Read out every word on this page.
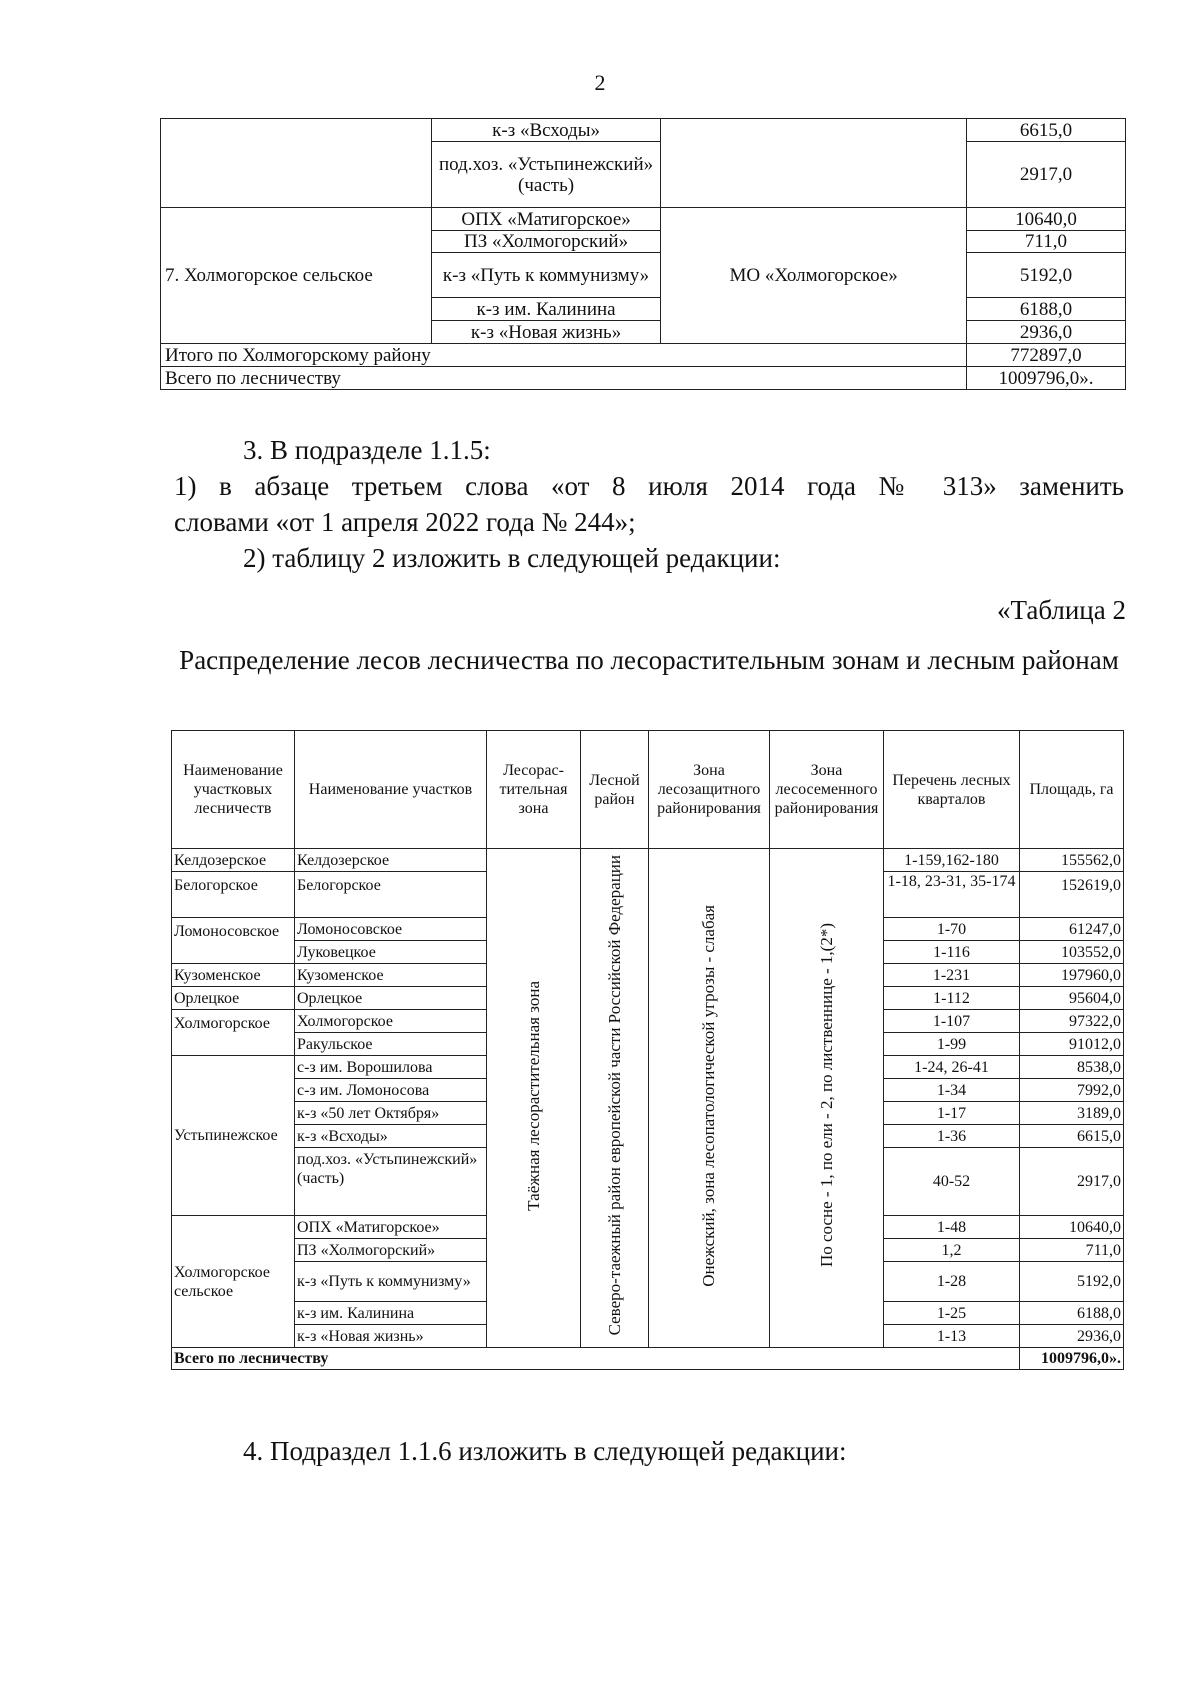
2
	к-з «Всходы»		6615,0
	под.хоз. «Устьпинежский» (часть)		2917,0
7. Холмогорское сельское	ОПХ «Матигорское»	МО «Холмогорское»	10640,0
	ПЗ «Холмогорский»		711,0
	к-з «Путь к коммунизму»		5192,0
	к-з им. Калинина		6188,0
	к-з «Новая жизнь»		2936,0
Итого по Холмогорскому району			772897,0
Всего по лесничеству			1009796,0».
3. В подразделе 1.1.5:
1) в абзаце третьем слова «от 8 июля 2014 года № 313» заменить
словами «от 1 апреля 2022 года № 244»;
2) таблицу 2 изложить в следующей редакции:
«Таблица 2
Распределение лесов лесничества по лесорастительным зонам и лесным районам
Наименование участковых лесничеств	Наименование участков	Лесорас-тительная зона	Лесной район	Зона лесозащитного районирования	Зона лесосеменного районирования	Перечень лесных кварталов	Площадь, га
Келдозерское	Келдозерское	Таёжная лесорастительная зона	Северо-таежный район европейской части Российской Федерации	Онежский, зона лесопатологической угрозы - слабая	По сосне - 1, по ели - 2, по лиственнице - 1,(2*)	1-159,162-180	155562,0
Белогорское	Белогорское					1-18, 23-31, 35-174	152619,0
Ломоносовское	Ломоносовское					1-70	61247,0
	Луковецкое					1-116	103552,0
Кузоменское	Кузоменское					1-231	197960,0
Орлецкое	Орлецкое					1-112	95604,0
Холмогорское	Холмогорское					1-107	97322,0
	Ракульское					1-99	91012,0
Устьпинежское	с-з им. Ворошилова					1-24, 26-41	8538,0
	с-з им. Ломоносова					1-34	7992,0
	к-з «50 лет Октября»					1-17	3189,0
	к-з «Всходы»					1-36	6615,0
	под.хоз. «Устьпинежский» (часть)					40-52	2917,0
Холмогорское сельское	ОПХ «Матигорское»					1-48	10640,0
	ПЗ «Холмогорский»					1,2	711,0
	к-з «Путь к коммунизму»					1-28	5192,0
	к-з им. Калинина					1-25	6188,0
	к-з «Новая жизнь»					1-13	2936,0
Всего по лесничеству							1009796,0».
4. Подраздел 1.1.6 изложить в следующей редакции:
